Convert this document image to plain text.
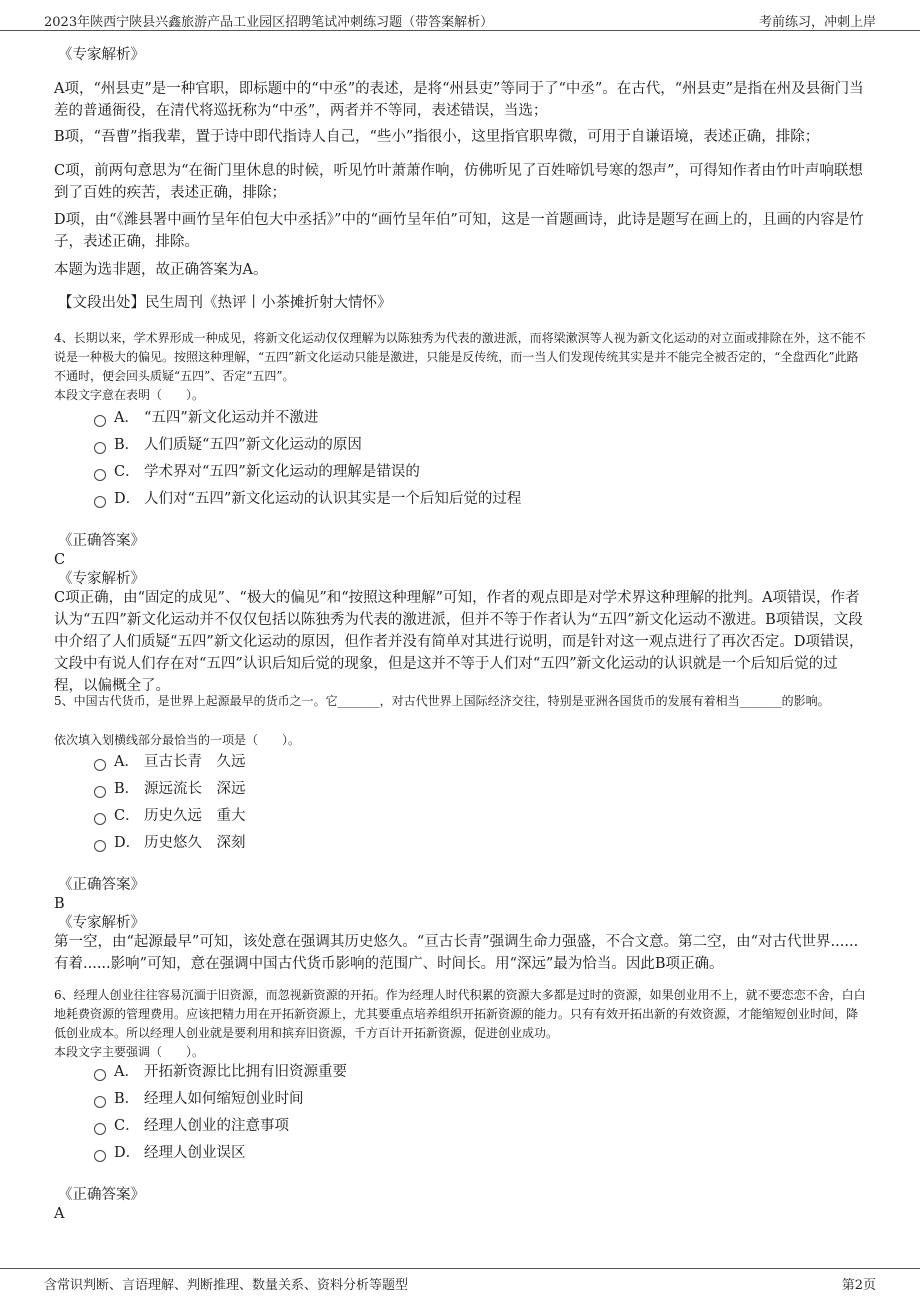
2023年陕西宁陕县兴鑫旅游产品工业园区招聘笔试冲刺练习题（带答案解析）	考前练习，冲刺上岸
《专家解析》
A项，“州县吏”是一种官职，即标题中的“中丞”的表述，是将“州县吏”等同于了“中丞”。在古代，“州县吏”是指在州及县衙门当差的普通衙役，在清代将巡抚称为“中丞”，两者并不等同，表述错误，当选；
B项，“吾曹”指我辈，置于诗中即代指诗人自己，“些小”指很小，这里指官职卑微，可用于自谦语境，表述正确，排除；
C项，前两句意思为“在衙门里休息的时候，听见竹叶萧萧作响，仿佛听见了百姓啼饥号寒的怨声”，可得知作者由竹叶声响联想到了百姓的疾苦，表述正确，排除；
D项，由“《潍县署中画竹呈年伯包大中丞括》”中的“画竹呈年伯”可知，这是一首题画诗，此诗是题写在画上的，且画的内容是竹子，表述正确，排除。
本题为选非题，故正确答案为A。
【文段出处】民生周刊《热评丨小茶摊折射大情怀》
4、长期以来，学术界形成一种成见，将新文化运动仅仅理解为以陈独秀为代表的激进派，而将梁漱溟等人视为新文化运动的对立面或排除在外，这不能不说是一种极大的偏见。按照这种理解，“五四”新文化运动只能是激进，只能是反传统，而一当人们发现传统其实是并不能完全被否定的，“全盘西化”此路不通时，便会回头质疑“五四”、否定“五四”。
本段文字意在表明（　　）。
A． “五四”新文化运动并不激进
B． 人们质疑“五四”新文化运动的原因
C． 学术界对“五四”新文化运动的理解是错误的
D． 人们对“五四”新文化运动的认识其实是一个后知后觉的过程
《正确答案》
C
《专家解析》
C项正确，由“固定的成见”、“极大的偏见”和“按照这种理解”可知，作者的观点即是对学术界这种理解的批判。A项错误，作者认为“五四”新文化运动并不仅仅包括以陈独秀为代表的激进派，但并不等于作者认为“五四”新文化运动不激进。B项错误，文段中介绍了人们质疑“五四”新文化运动的原因，但作者并没有简单对其进行说明，而是针对这一观点进行了再次否定。D项错误，文段中有说人们存在对“五四”认识后知后觉的现象，但是这并不等于人们对“五四”新文化运动的认识就是一个后知后觉的过程，以偏概全了。
5、中国古代货币，是世界上起源最早的货币之一。它_______，对古代世界上国际经济交往，特别是亚洲各国货币的发展有着相当_______的影响。
依次填入划横线部分最恰当的一项是（　　）。
A． 亘古长青　久远
B． 源远流长　深远
C． 历史久远　重大
D． 历史悠久　深刻
《正确答案》
B
《专家解析》
第一空，由“起源最早”可知，该处意在强调其历史悠久。“亘古长青”强调生命力强盛，不合文意。第二空，由“对古代世界......有着......影响”可知，意在强调中国古代货币影响的范围广、时间长。用“深远”最为恰当。因此B项正确。
6、经理人创业往往容易沉湎于旧资源，而忽视新资源的开拓。作为经理人时代积累的资源大多都是过时的资源，如果创业用不上，就不要恋恋不舍，白白地耗费资源的管理费用。应该把精力用在开拓新资源上，尤其要重点培养组织开拓新资源的能力。只有有效开拓出新的有效资源，才能缩短创业时间，降低创业成本。所以经理人创业就是要利用和摈弃旧资源，千方百计开拓新资源，促进创业成功。
本段文字主要强调（　　）。
A． 开拓新资源比比拥有旧资源重要
B． 经理人如何缩短创业时间
C． 经理人创业的注意事项
D． 经理人创业误区
《正确答案》
A
含常识判断、言语理解、判断推理、数量关系、资料分析等题型	第2页
